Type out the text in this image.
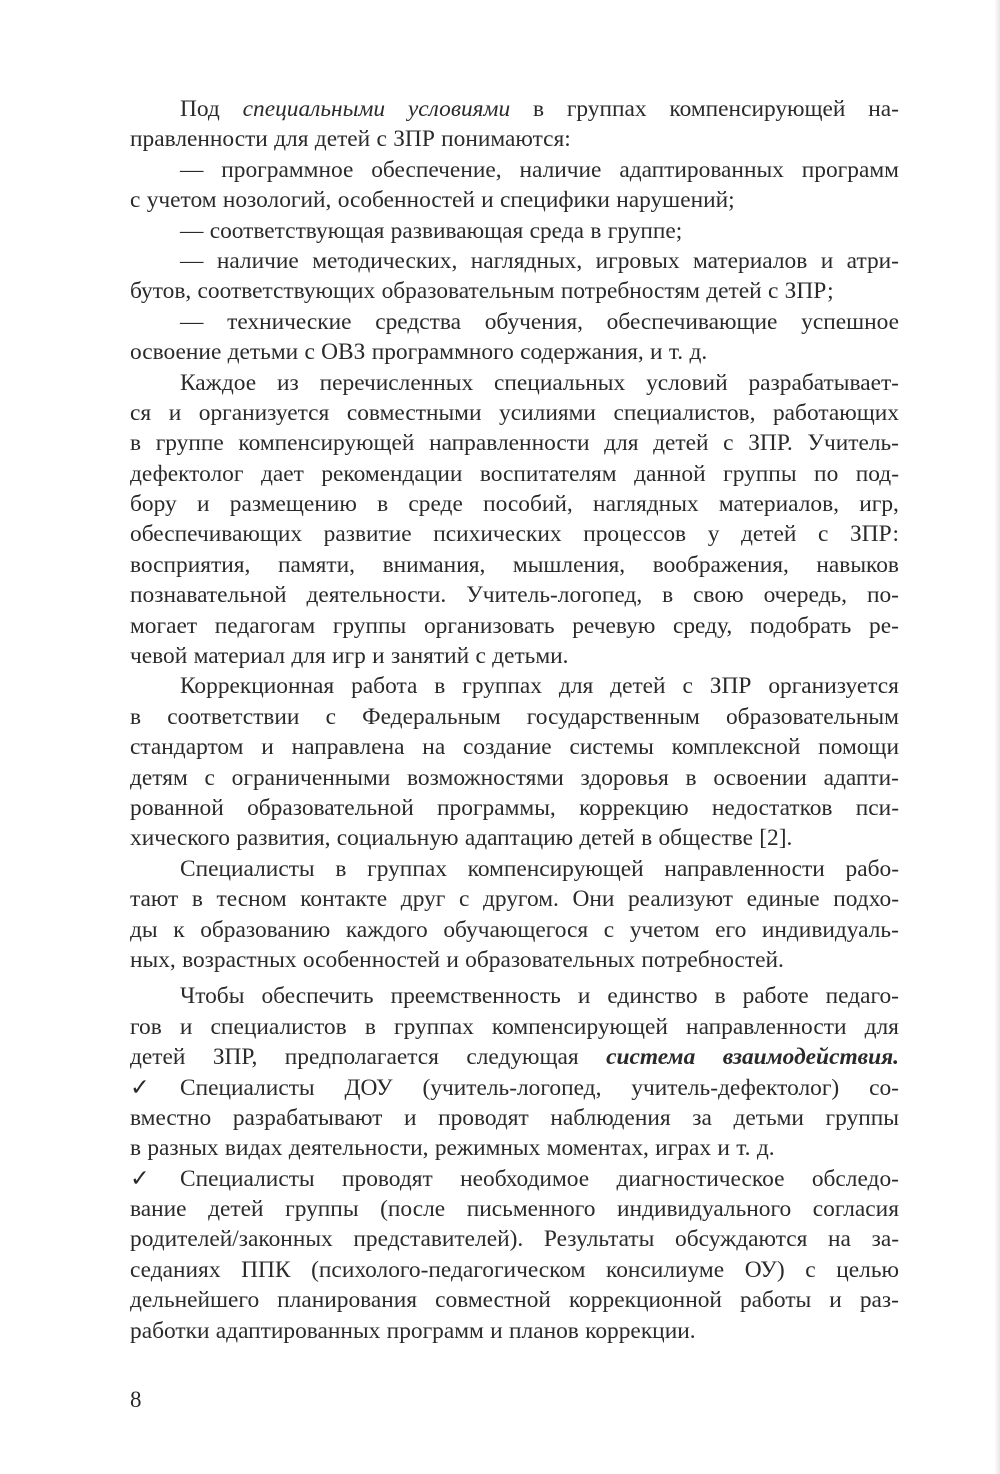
Под специальными условиями в группах компенсирующей на-
правленности для детей с ЗПР понимаются:
— программное обеспечение, наличие адаптированных программ
с учетом нозологий, особенностей и специфики нарушений;
— соответствующая развивающая среда в группе;
— наличие методических, наглядных, игровых материалов и атри-
бутов, соответствующих образовательным потребностям детей с ЗПР;
— технические средства обучения, обеспечивающие успешное
освоение детьми с ОВЗ программного содержания, и т. д.
Каждое из перечисленных специальных условий разрабатывает-
ся и организуется совместными усилиями специалистов, работающих
в группе компенсирующей направленности для детей с ЗПР. Учитель-
дефектолог дает рекомендации воспитателям данной группы по под-
бору и размещению в среде пособий, наглядных материалов, игр,
обеспечивающих развитие психических процессов у детей с ЗПР:
восприятия, памяти, внимания, мышления, воображения, навыков
познавательной деятельности. Учитель-логопед, в свою очередь, по-
могает педагогам группы организовать речевую среду, подобрать ре-
чевой материал для игр и занятий с детьми.
Коррекционная работа в группах для детей с ЗПР организуется
в соответствии с Федеральным государственным образовательным
стандартом и направлена на создание системы комплексной помощи
детям с ограниченными возможностями здоровья в освоении адапти-
рованной образовательной программы, коррекцию недостатков пси-
хического развития, социальную адаптацию детей в обществе [2].
Специалисты в группах компенсирующей направленности рабо-
тают в тесном контакте друг с другом. Они реализуют единые подхо-
ды к образованию каждого обучающегося с учетом его индивидуаль-
ных, возрастных особенностей и образовательных потребностей.
Чтобы обеспечить преемственность и единство в работе педаго-
гов и специалистов в группах компенсирующей направленности для
детей ЗПР, предполагается следующая система взаимодействия.
✓	Специалисты ДОУ (учитель-логопед, учитель-дефектолог) со-
вместно разрабатывают и проводят наблюдения за детьми группы
в разных видах деятельности, режимных моментах, играх и т. д.
✓	Специалисты проводят необходимое диагностическое обследо-
вание детей группы (после письменного индивидуального согласия
родителей/законных представителей). Результаты обсуждаются на за-
седаниях ППК (психолого-педагогическом консилиуме ОУ) с целью
дельнейшего планирования совместной коррекционной работы и раз-
работки адаптированных программ и планов коррекции.
8
